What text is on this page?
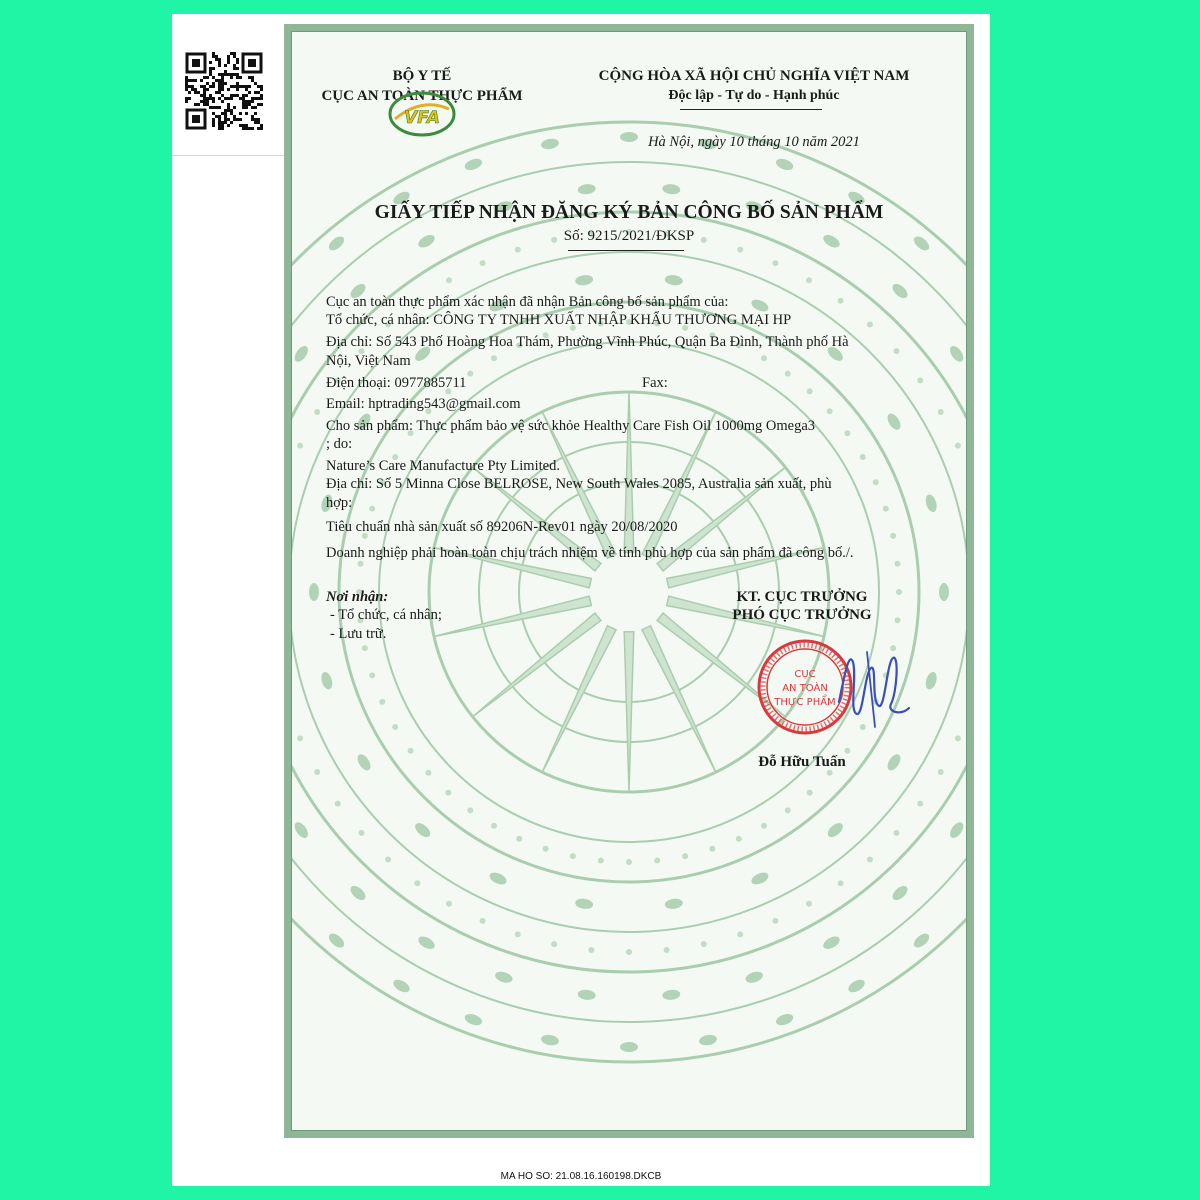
BỘ Y TẾ
CỤC AN TOÀN THỰC PHẨM
VFA
CỘNG HÒA XÃ HỘI CHỦ NGHĨA VIỆT NAM
Độc lập - Tự do - Hạnh phúc
Hà Nội, ngày 10 tháng 10 năm 2021
GIẤY TIẾP NHẬN ĐĂNG KÝ BẢN CÔNG BỐ SẢN PHẨM
Số: 9215/2021/ĐKSP
Cục an toàn thực phẩm xác nhận đã nhận Bản công bố sản phẩm của:
Tổ chức, cá nhân: CÔNG TY TNHH XUẤT NHẬP KHẨU THƯƠNG MẠI HP
Địa chỉ: Số 543 Phố Hoàng Hoa Thám, Phường Vĩnh Phúc, Quận Ba Đình, Thành phố Hà
Nội, Việt Nam
Điện thoại: 0977885711	Fax:
Email: hptrading543@gmail.com
Cho sản phẩm: Thực phẩm bảo vệ sức khỏe Healthy Care Fish Oil 1000mg Omega3
; do:
Nature’s Care Manufacture Pty Limited.
Địa chỉ: Số 5 Minna Close BELROSE, New South Wales 2085, Australia sản xuất, phù
hợp:
Tiêu chuẩn nhà sản xuất số 89206N-Rev01 ngày 20/08/2020
Doanh nghiệp phải hoàn toàn chịu trách nhiệm về tính phù hợp của sản phẩm đã công bố./.
Nơi nhận:
- Tổ chức, cá nhân;
- Lưu trữ.
KT. CỤC TRƯỞNG
PHÓ CỤC TRƯỞNG
CỤC
AN TOÀN
THỰC PHẨM
Đỗ Hữu Tuấn
MA HO SO: 21.08.16.160198.DKCB
